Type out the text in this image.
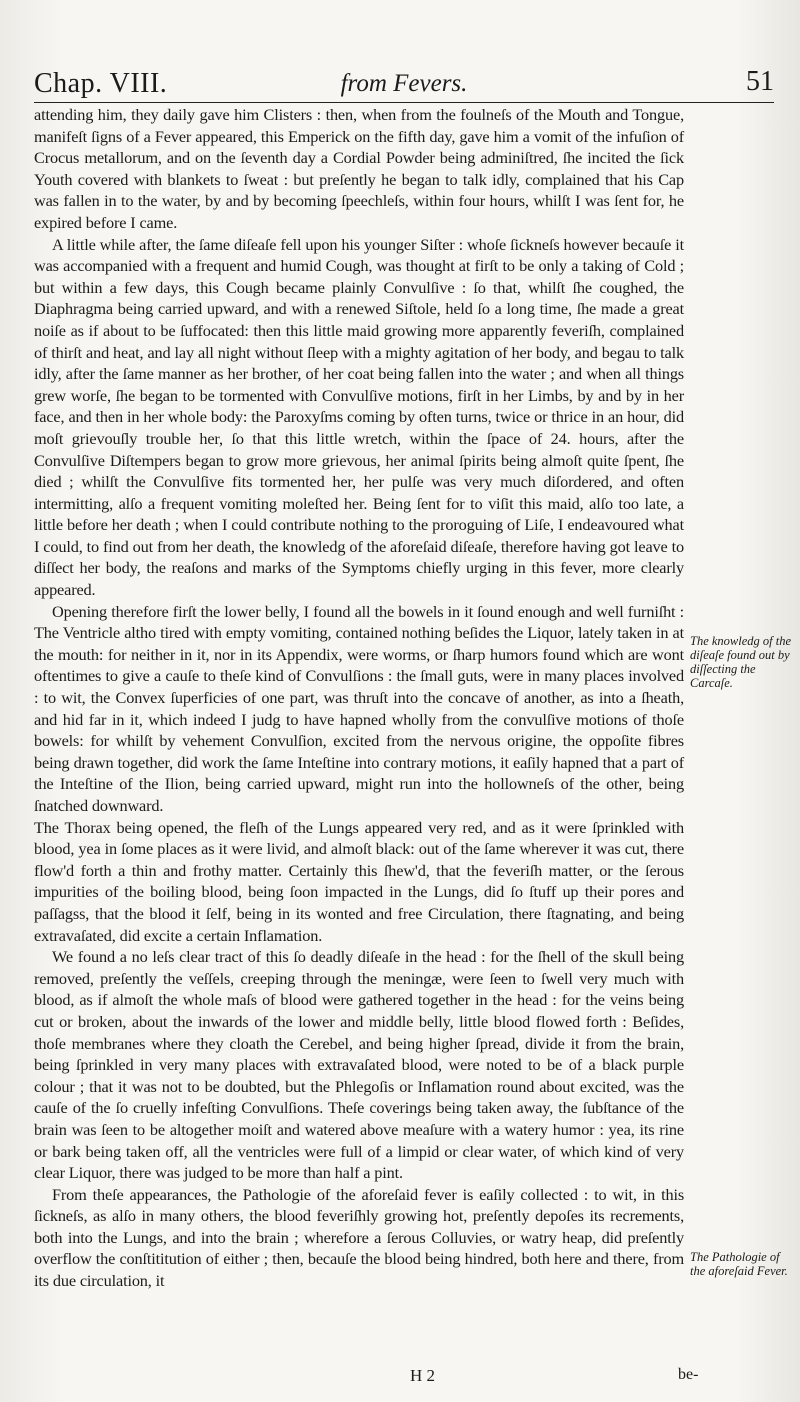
Chap. VIII.	from Fevers.	51

attending him, they daily gave him Clisters : then, when from the foulneſs of the Mouth and Tongue, manifeſt ſigns of a Fever appeared, this Emperick on the fifth day, gave him a vomit of the infuſion of Crocus metallorum, and on the ſeventh day a Cordial Powder being adminiſtred, ſhe incited the ſick Youth covered with blankets to ſweat : but preſently he began to talk idly, complained that his Cap was fallen in to the water, by and by becoming ſpeechleſs, within four hours, whilſt I was ſent for, he expired before I came.

A little while after, the ſame diſeaſe fell upon his younger Siſter : whoſe ſickneſs however becauſe it was accompanied with a frequent and humid Cough, was thought at firſt to be only a taking of Cold ; but within a few days, this Cough became plainly Convulſive : ſo that, whilſt ſhe coughed, the Diaphragma being carried upward, and with a renewed Siſtole, held ſo a long time, ſhe made a great noiſe as if about to be ſuffocated: then this little maid growing more apparently feveriſh, complained of thirſt and heat, and lay all night without ſleep with a mighty agitation of her body, and begau to talk idly, after the ſame manner as her brother, of her coat being fallen into the water ; and when all things grew worſe, ſhe began to be tormented with Convulſive motions, firſt in her Limbs, by and by in her face, and then in her whole body: the Paroxyſms coming by often turns, twice or thrice in an hour, did moſt grievouſly trouble her, ſo that this little wretch, within the ſpace of 24. hours, after the Convulſive Diſtempers began to grow more grievous, her animal ſpirits being almoſt quite ſpent, ſhe died ; whilſt the Convulſive fits tormented her, her pulſe was very much diſordered, and often intermitting, alſo a frequent vomiting moleſted her. Being ſent for to viſit this maid, alſo too late, a little before her death ; when I could contribute nothing to the proroguing of Liſe, I endeavoured what I could, to find out from her death, the knowledg of the aforeſaid diſeaſe, therefore having got leave to diſſect her body, the reaſons and marks of the Symptoms chiefly urging in this fever, more clearly appeared.

Opening therefore firſt the lower belly, I found all the bowels in it ſound enough and well furniſht : The Ventricle altho tired with empty vomiting, contained nothing beſides the Liquor, lately taken in at the mouth: for neither in it, nor in its Appendix, were worms, or ſharp humors found which are wont oftentimes to give a cauſe to theſe kind of Convulſions : the ſmall guts, were in many places involved : to wit, the Convex ſuperficies of one part, was thruſt into the concave of another, as into a ſheath, and hid far in it, which indeed I judg to have hapned wholly from the convulſive motions of thoſe bowels: for whilſt by vehement Convulſion, excited from the nervous origine, the oppoſite fibres being drawn together, did work the ſame Inteſtine into contrary motions, it eaſily hapned that a part of the Inteſtine of the Ilion, being carried upward, might run into the hollowneſs of the other, being ſnatched downward.

The Thorax being opened, the fleſh of the Lungs appeared very red, and as it were ſprinkled with blood, yea in ſome places as it were livid, and almoſt black: out of the ſame wherever it was cut, there flow'd forth a thin and frothy matter. Certainly this ſhew'd, that the feveriſh matter, or the ſerous impurities of the boiling blood, being ſoon impacted in the Lungs, did ſo ſtuff up their pores and paſſagss, that the blood it ſelf, being in its wonted and free Circulation, there ſtagnating, and being extravaſated, did excite a certain Inflamation.

We found a no leſs clear tract of this ſo deadly diſeaſe in the head : for the ſhell of the skull being removed, preſently the veſſels, creeping through the meningæ, were ſeen to ſwell very much with blood, as if almoſt the whole maſs of blood were gathered together in the head : for the veins being cut or broken, about the inwards of the lower and middle belly, little blood flowed forth : Beſides, thoſe membranes where they cloath the Cerebel, and being higher ſpread, divide it from the brain, being ſprinkled in very many places with extravaſated blood, were noted to be of a black purple colour ; that it was not to be doubted, but the Phlegoſis or Inflamation round about excited, was the cauſe of the ſo cruelly infeſting Convulſions. Theſe coverings being taken away, the ſubſtance of the brain was ſeen to be altogether moiſt and watered above meaſure with a watery humor : yea, its rine or bark being taken off, all the ventricles were full of a limpid or clear water, of which kind of very clear Liquor, there was judged to be more than half a pint.

From theſe appearances, the Pathologie of the aforeſaid fever is eaſily collected : to wit, in this ſickneſs, as alſo in many others, the blood feveriſhly growing hot, preſently depoſes its recrements, both into the Lungs, and into the brain ; wherefore a ſerous Colluvies, or watry heap, did preſently overflow the conſtititution of either ; then, becauſe the blood being hindred, both here and there, from its due circulation, it

The knowledg of the diſeaſe found out by diſſecting the Carcaſe.
The Pathologie of the aforeſaid Fever.
H 2	be-
